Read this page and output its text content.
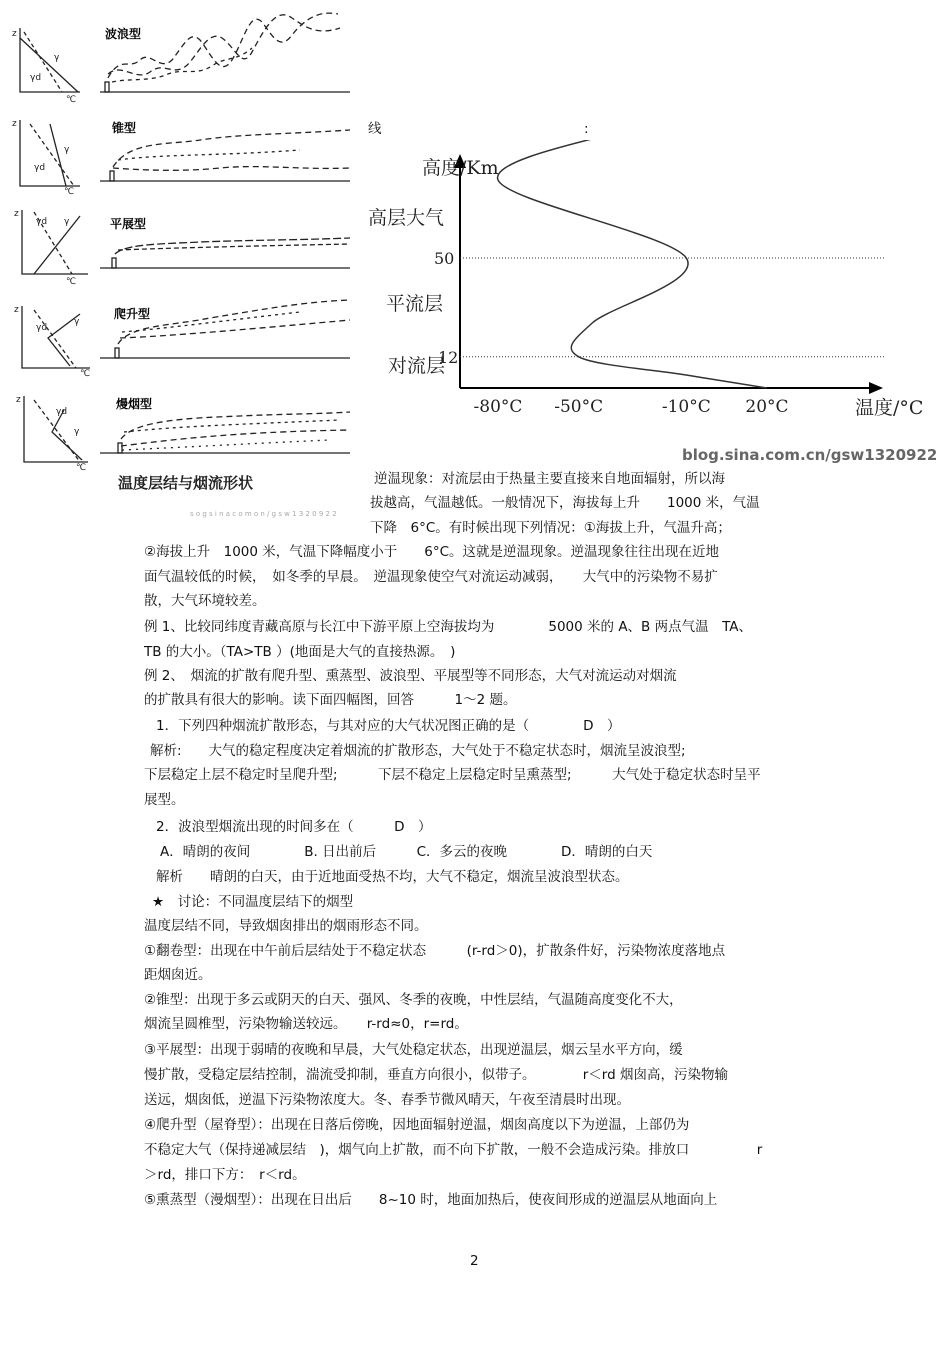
波浪型
锥型
平展型
爬升型
熳烟型
z
z
z
z
z
γ
γd
γ
γd
γ
γd
γ
γd
γ
γd
℃
℃
℃
℃
℃
温度层结与烟流形状
s o g s i n a c o m o n / g s w 1 3 2 0 9 2 2
线	:
高度/Km
温度/°C
50
12
高层大气
平流层
对流层
-80°C -50°C	-10°C 20°C
blog.sina.com.cn/gsw1320922
逆温现象：对流层由于热量主要直接来自地面辐射，所以海
拔越高，气温越低。一般情况下，海拔每上升　　1000 米，气温
下降　6°C。有时候出现下列情况：①海拔上升，气温升高；
②海拔上升　1000 米，气温下降幅度小于　　6°C。这就是逆温现象。逆温现象往往出现在近地
面气温较低的时候，　如冬季的早晨。　逆温现象使空气对流运动减弱，　　大气中的污染物不易扩
散，大气环境较差。
例 1、比较同纬度青藏高原与长江中下游平原上空海拔均为　　　　5000 米的 A、B 两点气温　TA、
TB 的大小。（TA>TB ）(地面是大气的直接热源。　)
例 2、　烟流的扩散有爬升型、熏蒸型、波浪型、平展型等不同形态，大气对流运动对烟流
的扩散具有很大的影响。读下面四幅图，回答　　　1～2 题。
1．下列四种烟流扩散形态，与其对应的大气状况图正确的是（　　　　D　）
解析:　　大气的稳定程度决定着烟流的扩散形态，大气处于不稳定状态时，烟流呈波浪型;
下层稳定上层不稳定时呈爬升型;　　　下层不稳定上层稳定时呈熏蒸型;　　　大气处于稳定状态时呈平
展型。
2．波浪型烟流出现的时间多在（　　　D　）
A．晴朗的夜间　　　　B. 日出前后　　　C．多云的夜晚　　　　D．晴朗的白天
解析　　晴朗的白天，由于近地面受热不均，大气不稳定，烟流呈波浪型状态。
★　讨论：不同温度层结下的烟型
温度层结不同，导致烟囱排出的烟雨形态不同。
①翻卷型：出现在中午前后层结处于不稳定状态　　　(r-rd＞0)，扩散条件好，污染物浓度落地点
距烟囱近。
②锥型：出现于多云或阴天的白天、强风、冬季的夜晚，中性层结，气温随高度变化不大，
烟流呈圆椎型，污染物输送较远。　　r-rd≈0，r=rd。
③平展型：出现于弱晴的夜晚和早晨，大气处稳定状态，出现逆温层，烟云呈水平方向，缓
慢扩散，受稳定层结控制，湍流受抑制，垂直方向很小，似带子。　　　　r＜rd 烟囱高，污染物输
送远，烟囱低，逆温下污染物浓度大。冬、春季节微风晴天，午夜至清晨时出现。
④爬升型（屋脊型）：出现在日落后傍晚，因地面辐射逆温，烟囱高度以下为逆温，上部仍为
不稳定大气（保持递减层结　)，烟气向上扩散，而不向下扩散，一般不会造成污染。排放口　　　　　r
＞rd，排口下方：　r＜rd。
⑤熏蒸型（漫烟型）：出现在日出后　　8~10 时，地面加热后，使夜间形成的逆温层从地面向上
2
